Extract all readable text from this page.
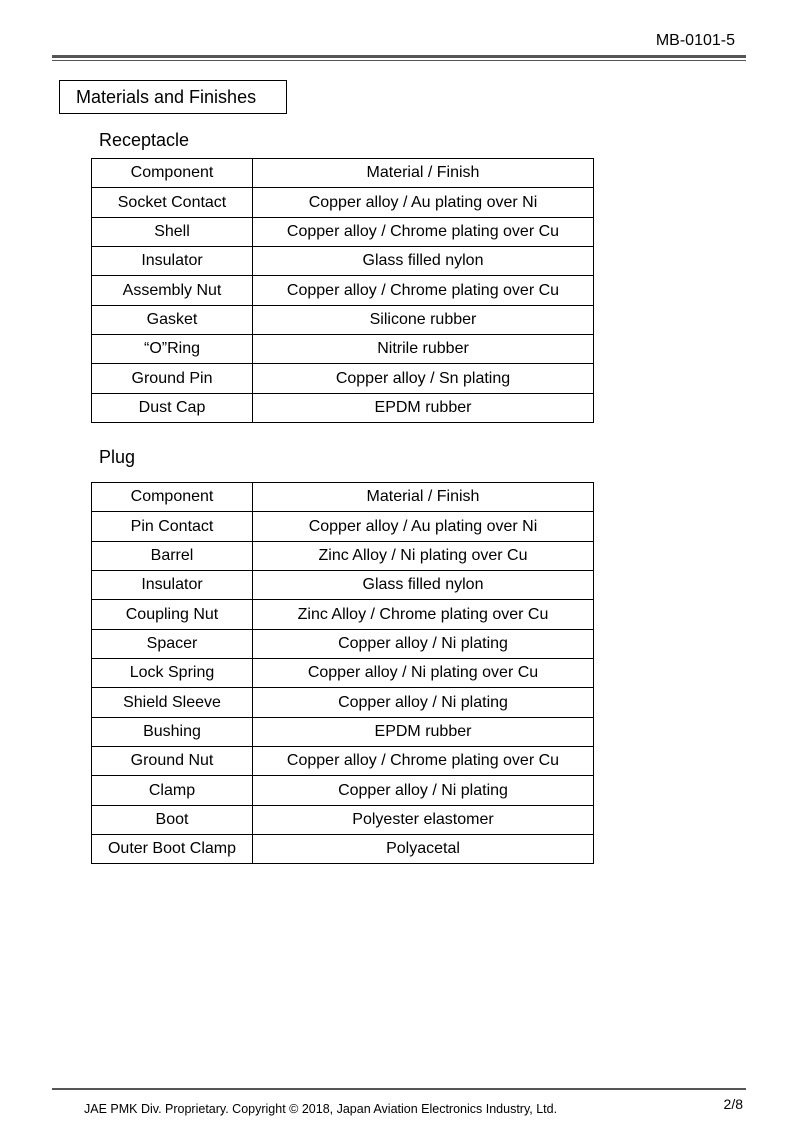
MB-0101-5
Materials and Finishes
Receptacle
Component	Material / Finish
Socket Contact	Copper alloy / Au plating over Ni
Shell	Copper alloy / Chrome plating over Cu
Insulator	Glass filled nylon
Assembly Nut	Copper alloy / Chrome plating over Cu
Gasket	Silicone rubber
“O”Ring	Nitrile rubber
Ground Pin	Copper alloy / Sn plating
Dust Cap	EPDM rubber
Plug
Component	Material / Finish
Pin Contact	Copper alloy / Au plating over Ni
Barrel	Zinc Alloy / Ni plating over Cu
Insulator	Glass filled nylon
Coupling Nut	Zinc Alloy / Chrome plating over Cu
Spacer	Copper alloy / Ni plating
Lock Spring	Copper alloy / Ni plating over Cu
Shield Sleeve	Copper alloy / Ni plating
Bushing	EPDM rubber
Ground Nut	Copper alloy / Chrome plating over Cu
Clamp	Copper alloy / Ni plating
Boot	Polyester elastomer
Outer Boot Clamp	Polyacetal
JAE PMK Div. Proprietary. Copyright © 2018, Japan Aviation Electronics Industry, Ltd.	2/8
